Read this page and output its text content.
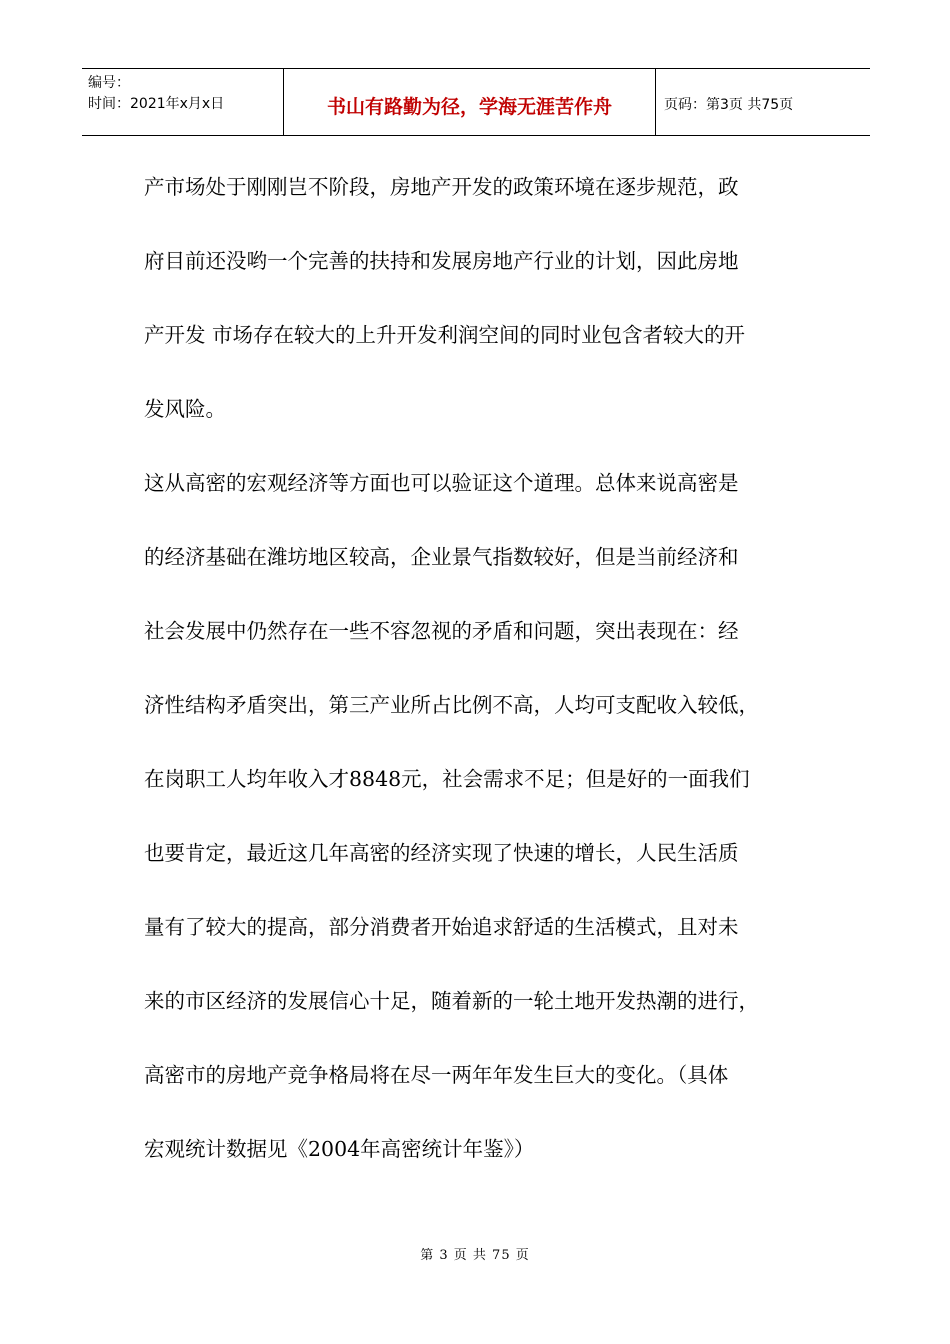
编号：
时间：2021年x月x日	书山有路勤为径，学海无涯苦作舟	页码：第3页 共75页
产市场处于刚刚岂不阶段，房地产开发的政策环境在逐步规范，政
府目前还没哟一个完善的扶持和发展房地产行业的计划，因此房地
产开发 市场存在较大的上升开发利润空间的同时业包含者较大的开
发风险。
这从高密的宏观经济等方面也可以验证这个道理。总体来说高密是
的经济基础在潍坊地区较高，企业景气指数较好，但是当前经济和
社会发展中仍然存在一些不容忽视的矛盾和问题，突出表现在：经
济性结构矛盾突出，第三产业所占比例不高，人均可支配收入较低，
在岗职工人均年收入才8848元，社会需求不足；但是好的一面我们
也要肯定，最近这几年高密的经济实现了快速的增长，人民生活质
量有了较大的提高，部分消费者开始追求舒适的生活模式，且对未
来的市区经济的发展信心十足，随着新的一轮土地开发热潮的进行，
高密市的房地产竞争格局将在尽一两年年发生巨大的变化。（具体
宏观统计数据见《2004年高密统计年鉴》）
第 3 页 共 75 页
